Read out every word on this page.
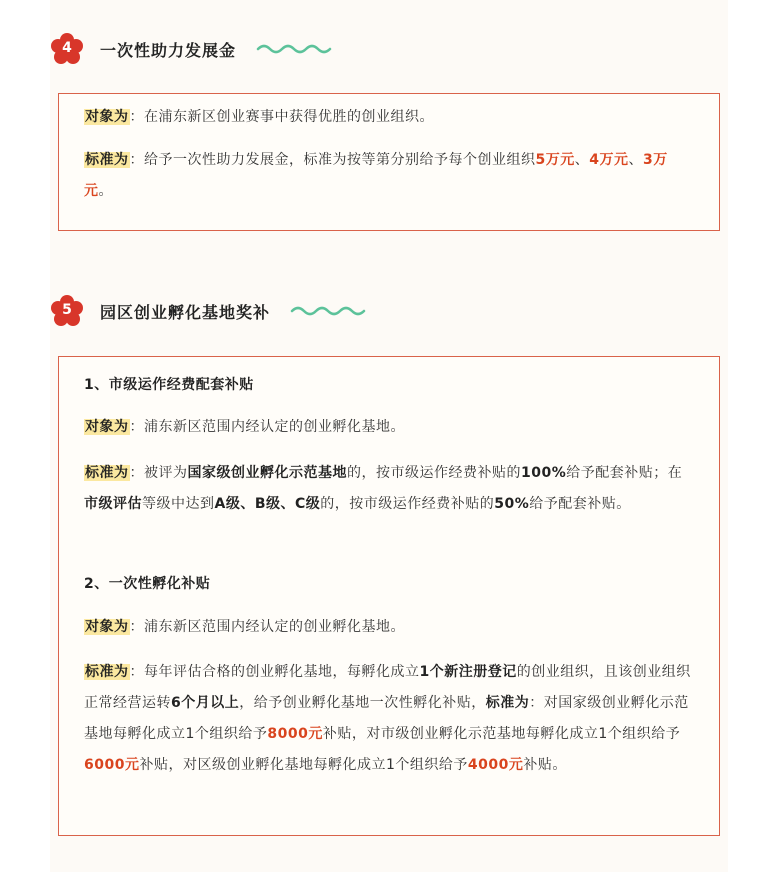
4	一次性助力发展金
对象为：在浦东新区创业赛事中获得优胜的创业组织。
标准为：给予一次性助力发展金，标准为按等第分别给予每个创业组织5万元、4万元、3万元。
5	园区创业孵化基地奖补
1、市级运作经费配套补贴
对象为：浦东新区范围内经认定的创业孵化基地。
标准为：被评为国家级创业孵化示范基地的，按市级运作经费补贴的100%给予配套补贴；在市级评估等级中达到A级、B级、C级的，按市级运作经费补贴的50%给予配套补贴。
2、一次性孵化补贴
对象为：浦东新区范围内经认定的创业孵化基地。
标准为：每年评估合格的创业孵化基地，每孵化成立1个新注册登记的创业组织，且该创业组织正常经营运转6个月以上，给予创业孵化基地一次性孵化补贴，标准为：对国家级创业孵化示范基地每孵化成立1个组织给予8000元补贴，对市级创业孵化示范基地每孵化成立1个组织给予6000元补贴，对区级创业孵化基地每孵化成立1个组织给予4000元补贴。
